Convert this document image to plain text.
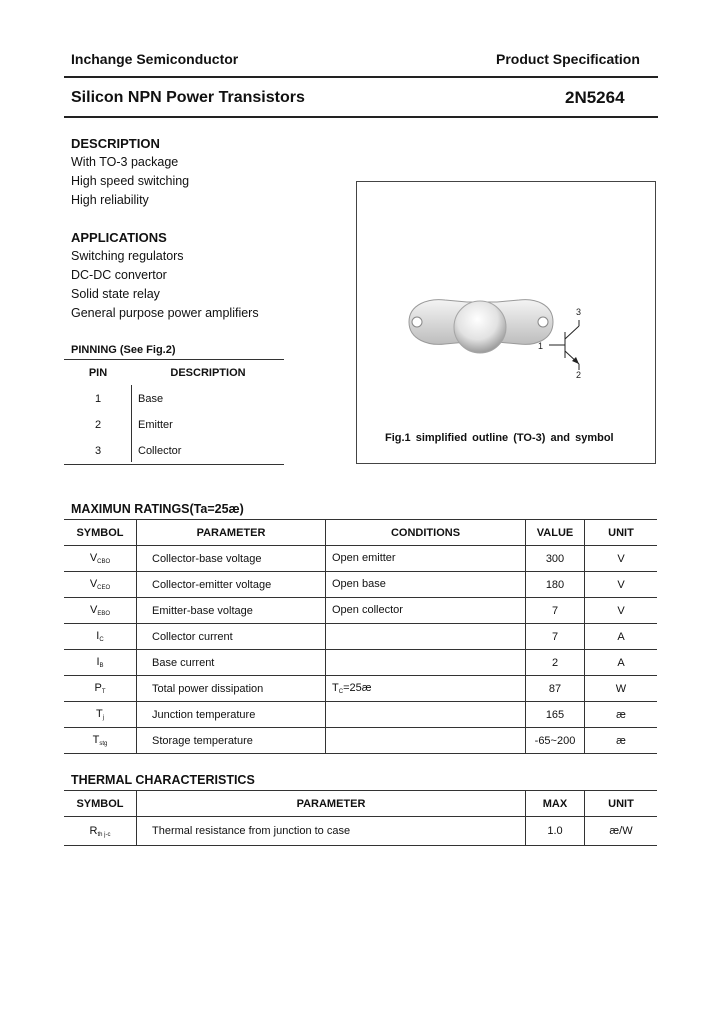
Inchange Semiconductor	Product Specification
Silicon NPN Power Transistors	2N5264
DESCRIPTION
With TO-3 package
High speed switching
High reliability
APPLICATIONS
Switching regulators
DC-DC convertor
Solid state relay
General purpose power amplifiers
PINNING (See Fig.2)
PIN	DESCRIPTION
1	Base
2	Emitter
3	Collector
1
2
3
Fig.1 simplified outline (TO-3) and symbol
MAXIMUN RATINGS(Ta=25æ)
SYMBOL	PARAMETER	CONDITIONS	VALUE	UNIT
$V_{CBO}$	Collector-base voltage	Open emitter	300	V
$V_{CEO}$	Collector-emitter voltage	Open base	180	V
$V_{EBO}$	Emitter-base voltage	Open collector	7	V
$I_C$	Collector current		7	A
$I_B$	Base current		2	A
$P_T$	Total power dissipation	$T_C=25æ$	87	W
$T_j$	Junction temperature		165	æ
$T_{stg}$	Storage temperature		-65~200	æ
THERMAL CHARACTERISTICS
SYMBOL	PARAMETER	MAX	UNIT
$R_{th j-c}$	Thermal resistance from junction to case	1.0	æ/W
